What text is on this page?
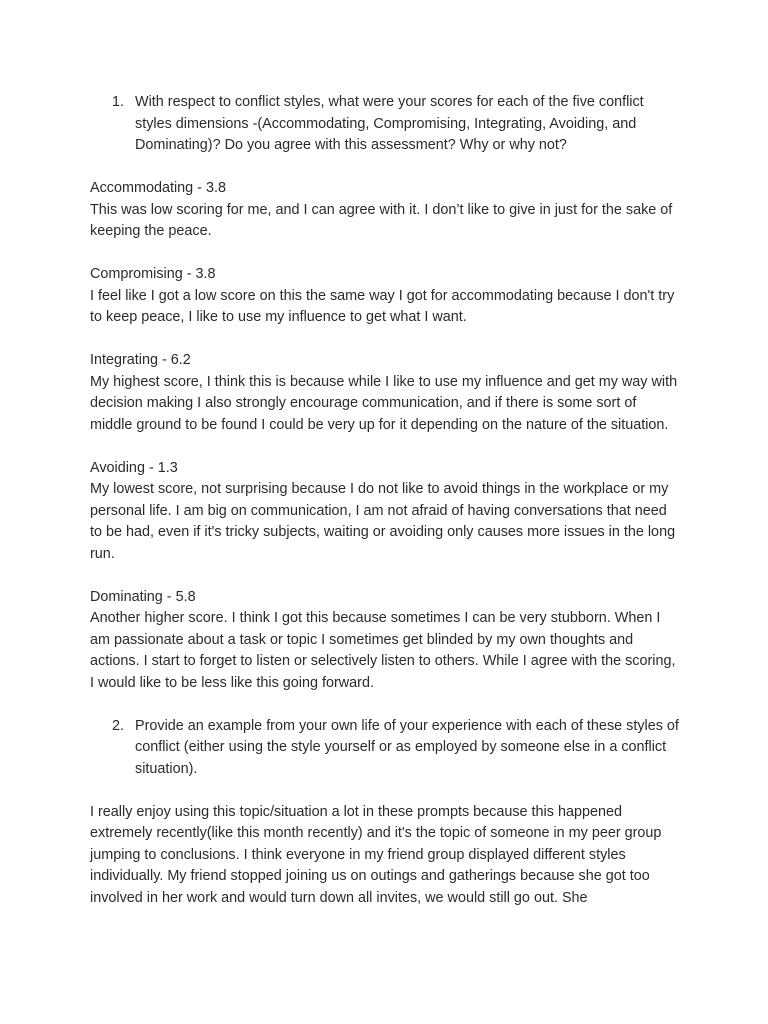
1. With respect to conflict styles, what were your scores for each of the five conflict styles dimensions -(Accommodating, Compromising, Integrating, Avoiding, and Dominating)? Do you agree with this assessment? Why or why not?

Accommodating - 3.8

This was low scoring for me, and I can agree with it. I don’t like to give in just for the sake of keeping the peace.

Compromising - 3.8

I feel like I got a low score on this the same way I got for accommodating because I don't try to keep peace, I like to use my influence to get what I want.

Integrating - 6.2

My highest score, I think this is because while I like to use my influence and get my way with decision making I also strongly encourage communication, and if there is some sort of middle ground to be found I could be very up for it depending on the nature of the situation.

Avoiding - 1.3

My lowest score, not surprising because I do not like to avoid things in the workplace or my personal life. I am big on communication, I am not afraid of having conversations that need to be had, even if it's tricky subjects, waiting or avoiding only causes more issues in the long run.

Dominating - 5.8

Another higher score. I think I got this because sometimes I can be very stubborn. When I am passionate about a task or topic I sometimes get blinded by my own thoughts and actions. I start to forget to listen or selectively listen to others. While I agree with the scoring, I would like to be less like this going forward.

2. Provide an example from your own life of your experience with each of these styles of conflict (either using the style yourself or as employed by someone else in a conflict situation).

I really enjoy using this topic/situation a lot in these prompts because this happened extremely recently(like this month recently) and it's the topic of someone in my peer group jumping to conclusions. I think everyone in my friend group displayed different styles individually. My friend stopped joining us on outings and gatherings because she got too involved in her work and would turn down all invites, we would still go out. She
